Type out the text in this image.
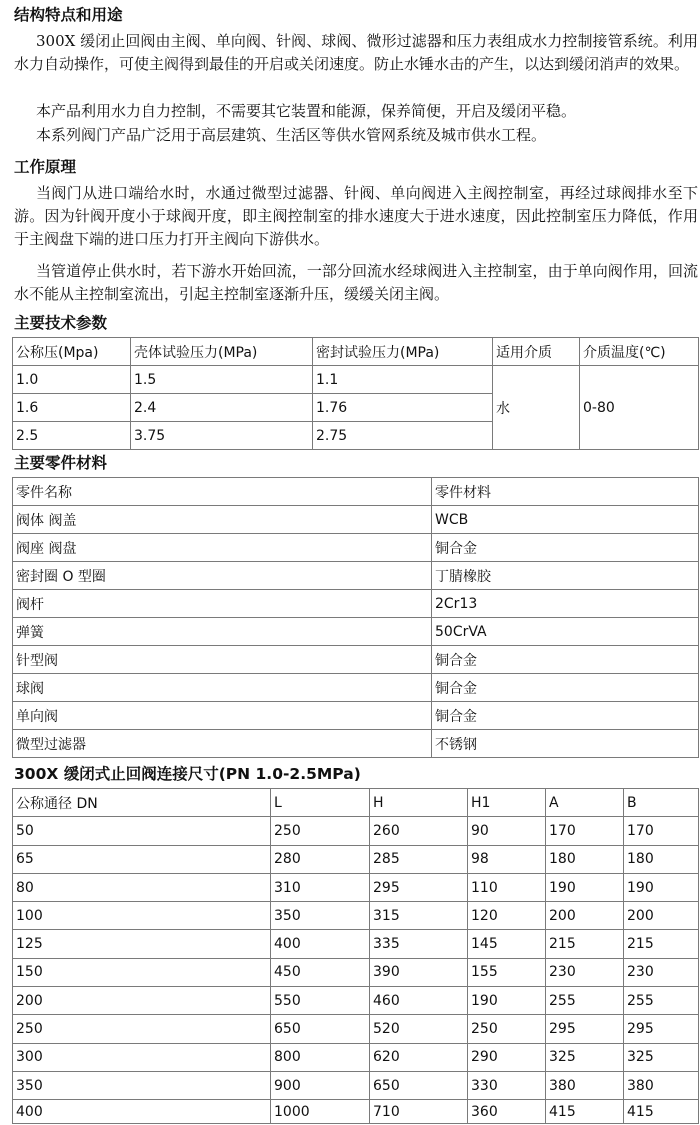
结构特点和用途

300X 缓闭止回阀由主阀、单向阀、针阀、球阀、微形过滤器和压力表组成水力控制接管系统。利用水力自动操作，可使主阀得到最佳的开启或关闭速度。防止水锤水击的产生，以达到缓闭消声的效果。

本产品利用水力自力控制，不需要其它装置和能源，保养简便，开启及缓闭平稳。

本系列阀门产品广泛用于高层建筑、生活区等供水管网系统及城市供水工程。

工作原理

当阀门从进口端给水时，水通过微型过滤器、针阀、单向阀进入主阀控制室，再经过球阀排水至下游。因为针阀开度小于球阀开度，即主阀控制室的排水速度大于进水速度，因此控制室压力降低，作用于主阀盘下端的进口压力打开主阀向下游供水。

当管道停止供水时，若下游水开始回流，一部分回流水经球阀进入主控制室，由于单向阀作用，回流水不能从主控制室流出，引起主控制室逐渐升压，缓缓关闭主阀。

主要技术参数
公称压(Mpa)	壳体试验压力(MPa)	密封试验压力(MPa)	适用介质	介质温度(℃)
1.0	1.5	1.1	水	0-80
1.6	2.4	1.76		
2.5	3.75	2.75		
主要零件材料
零件名称	零件材料
阀体 阀盖	WCB
阀座 阀盘	铜合金
密封圈 O 型圈	丁腈橡胶
阀杆	2Cr13
弹簧	50CrVA
针型阀	铜合金
球阀	铜合金
单向阀	铜合金
微型过滤器	不锈钢
300X 缓闭式止回阀连接尺寸(PN 1.0-2.5MPa)
公称通径 DN	L	H	H1	A	B
50	250	260	90	170	170
65	280	285	98	180	180
80	310	295	110	190	190
100	350	315	120	200	200
125	400	335	145	215	215
150	450	390	155	230	230
200	550	460	190	255	255
250	650	520	250	295	295
300	800	620	290	325	325
350	900	650	330	380	380
400	1000	710	360	415	415
